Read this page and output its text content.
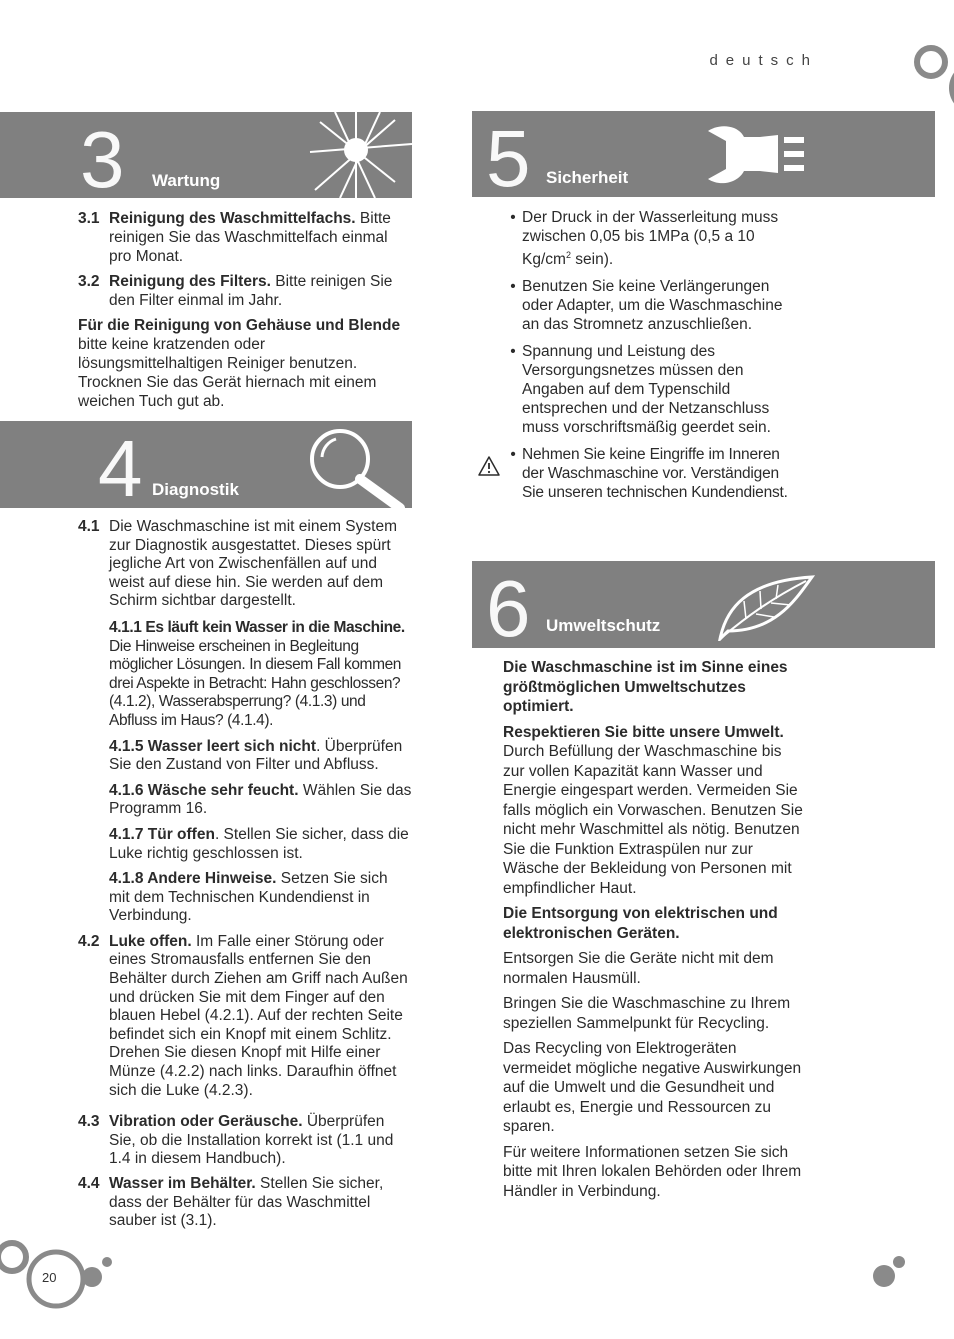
deutsch
3 Wartung
3.1 Reinigung des Waschmittelfachs. Bitte reinigen Sie das Waschmittelfach einmal pro Monat.
3.2 Reinigung des Filters. Bitte reinigen Sie den Filter einmal im Jahr.

Für die Reinigung von Gehäuse und Blende bitte keine kratzenden oder lösungsmittelhaltigen Reiniger benutzen. Trocknen Sie das Gerät hiernach mit einem weichen Tuch gut ab.

4 Diagnostik
4.1 Die Waschmaschine ist mit einem System zur Diagnostik ausgestattet. Dieses spürt jegliche Art von Zwischenfällen auf und weist auf diese hin. Sie werden auf dem Schirm sichtbar dargestellt.

4.1.1 Es läuft kein Wasser in die Maschine. Die Hinweise erscheinen in Begleitung möglicher Lösungen. In diesem Fall kommen drei Aspekte in Betracht: Hahn geschlossen? (4.1.2), Wasserabsperrung? (4.1.3) und Abfluss im Haus? (4.1.4).

4.1.5 Wasser leert sich nicht. Überprüfen Sie den Zustand von Filter und Abfluss.

4.1.6 Wäsche sehr feucht. Wählen Sie das Programm 16.

4.1.7 Tür offen. Stellen Sie sicher, dass die Luke richtig geschlossen ist.

4.1.8 Andere Hinweise. Setzen Sie sich mit dem Technischen Kundendienst in Verbindung.

4.2 Luke offen. Im Falle einer Störung oder eines Stromausfalls entfernen Sie den Behälter durch Ziehen am Griff nach Außen und drücken Sie mit dem Finger auf den blauen Hebel (4.2.1). Auf der rechten Seite befindet sich ein Knopf mit einem Schlitz. Drehen Sie diesen Knopf mit Hilfe einer Münze (4.2.2) nach links. Daraufhin öffnet sich die Luke (4.2.3).
4.3 Vibration oder Geräusche. Überprüfen Sie, ob die Installation korrekt ist (1.1 und 1.4 in diesem Handbuch).
4.4 Wasser im Behälter. Stellen Sie sicher, dass der Behälter für das Waschmittel sauber ist (3.1).
5 Sicherheit
• Der Druck in der Wasserleitung muss zwischen 0,05 bis 1MPa (0,5 a 10 $Kg/cm^2$ sein).
• Benutzen Sie keine Verlängerungen oder Adapter, um die Waschmaschine an das Stromnetz anzuschließen.
• Spannung und Leistung des Versorgungsnetzes müssen den Angaben auf dem Typenschild entsprechen und der Netzanschluss muss vorschriftsmäßig geerdet sein.
• Nehmen Sie keine Eingriffe im Inneren der Waschmaschine vor. Verständigen Sie unseren technischen Kundendienst.
6 Umweltschutz

Die Waschmaschine ist im Sinne eines größtmöglichen Umweltschutzes optimiert.

Respektieren Sie bitte unsere Umwelt. Durch Befüllung der Waschmaschine bis zur vollen Kapazität kann Wasser und Energie eingespart werden. Vermeiden Sie falls möglich ein Vorwaschen. Benutzen Sie nicht mehr Waschmittel als nötig. Benutzen Sie die Funktion Extraspülen nur zur Wäsche der Bekleidung von Personen mit empfindlicher Haut.

Die Entsorgung von elektrischen und elektronischen Geräten.

Entsorgen Sie die Geräte nicht mit dem normalen Hausmüll.

Bringen Sie die Waschmaschine zu Ihrem speziellen Sammelpunkt für Recycling.

Das Recycling von Elektrogeräten vermeidet mögliche negative Auswirkungen auf die Umwelt und die Gesundheit und erlaubt es, Energie und Ressourcen zu sparen.

Für weitere Informationen setzen Sie sich bitte mit Ihren lokalen Behörden oder Ihrem Händler in Verbindung.

20
